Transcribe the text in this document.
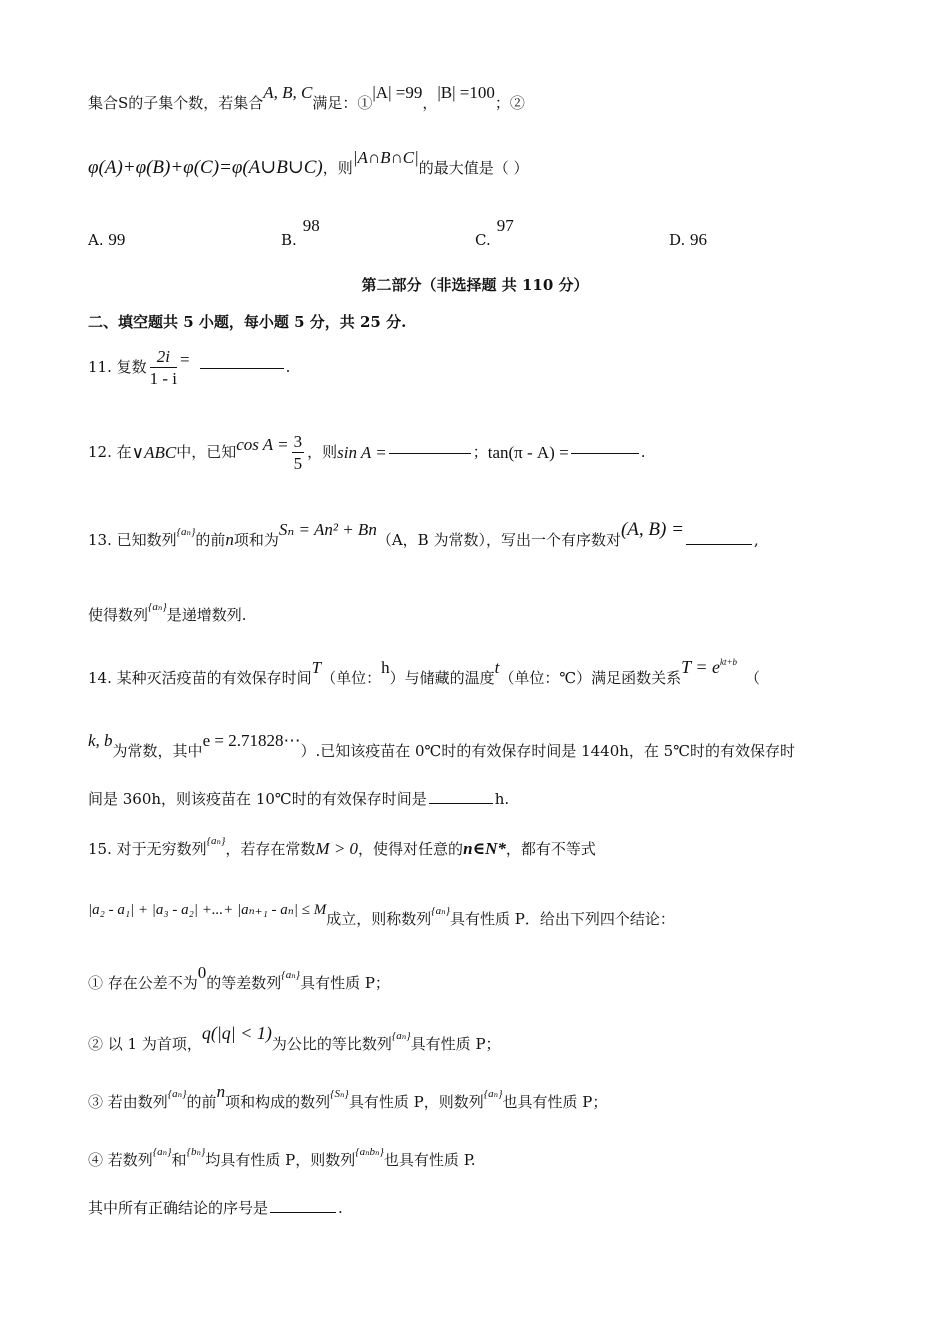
集合S的子集个数，若集合A, B, C满足：①|A| =99，|B| =100；②
φ(A)+φ(B)+φ(C)=φ(A∪B∪C)，则|A∩B∩C|的最大值是（ ）
A. 99	B.98
C.97
D. 96
第二部分（非选择题 共 110 分）
二、填空题共 5 小题，每小题 5 分，共 25 分.
11. 复数 $\frac{2i}{1 - i}$ =	.
12. 在∨ABC中，已知$\cos A = \frac{3}{5}$ ，则sin A =	；tan(π - A) =	.
13. 已知数列$^{\{a_n\}}$的前n项和为Sₙ = An² + Bn（A，B 为常数），写出一个有序数对(A, B) =	,
使得数列$^{\{a_n\}}$是递增数列.
14. 某种灭活疫苗的有效保存时间T（单位：h）与储藏的温度t（单位：℃）满足函数关系$T = e^{kt+b}$（
k, b为常数，其中e = 2.71828⋯）.已知该疫苗在 0℃时的有效保存时间是 1440h，在 5℃时的有效保存时
间是 360h，则该疫苗在 10℃时的有效保存时间是	h.
15. 对于无穷数列$^{\{a_n\}}$，若存在常数M > 0，使得对任意的n∈N*，都有不等式
|a₂ - a₁| + |a₃ - a₂| +...+ |aₙ₊₁ - aₙ| ≤ M成立，则称数列$^{\{a_n\}}$具有性质 P．给出下列四个结论：
① 存在公差不为0的等差数列$^{\{a_n\}}$具有性质 P；
② 以 1 为首项，q(|q| < 1)为公比的等比数列$^{\{a_n\}}$具有性质 P；
③ 若由数列$^{\{a_n\}}$的前n项和构成的数列$^{\{S_n\}}$具有性质 P，则数列$^{\{a_n\}}$也具有性质 P；
④ 若数列$^{\{a_n\}}$和$^{\{b_n\}}$均具有性质 P，则数列$^{\{a_nb_n\}}$也具有性质 P.
其中所有正确结论的序号是	.
